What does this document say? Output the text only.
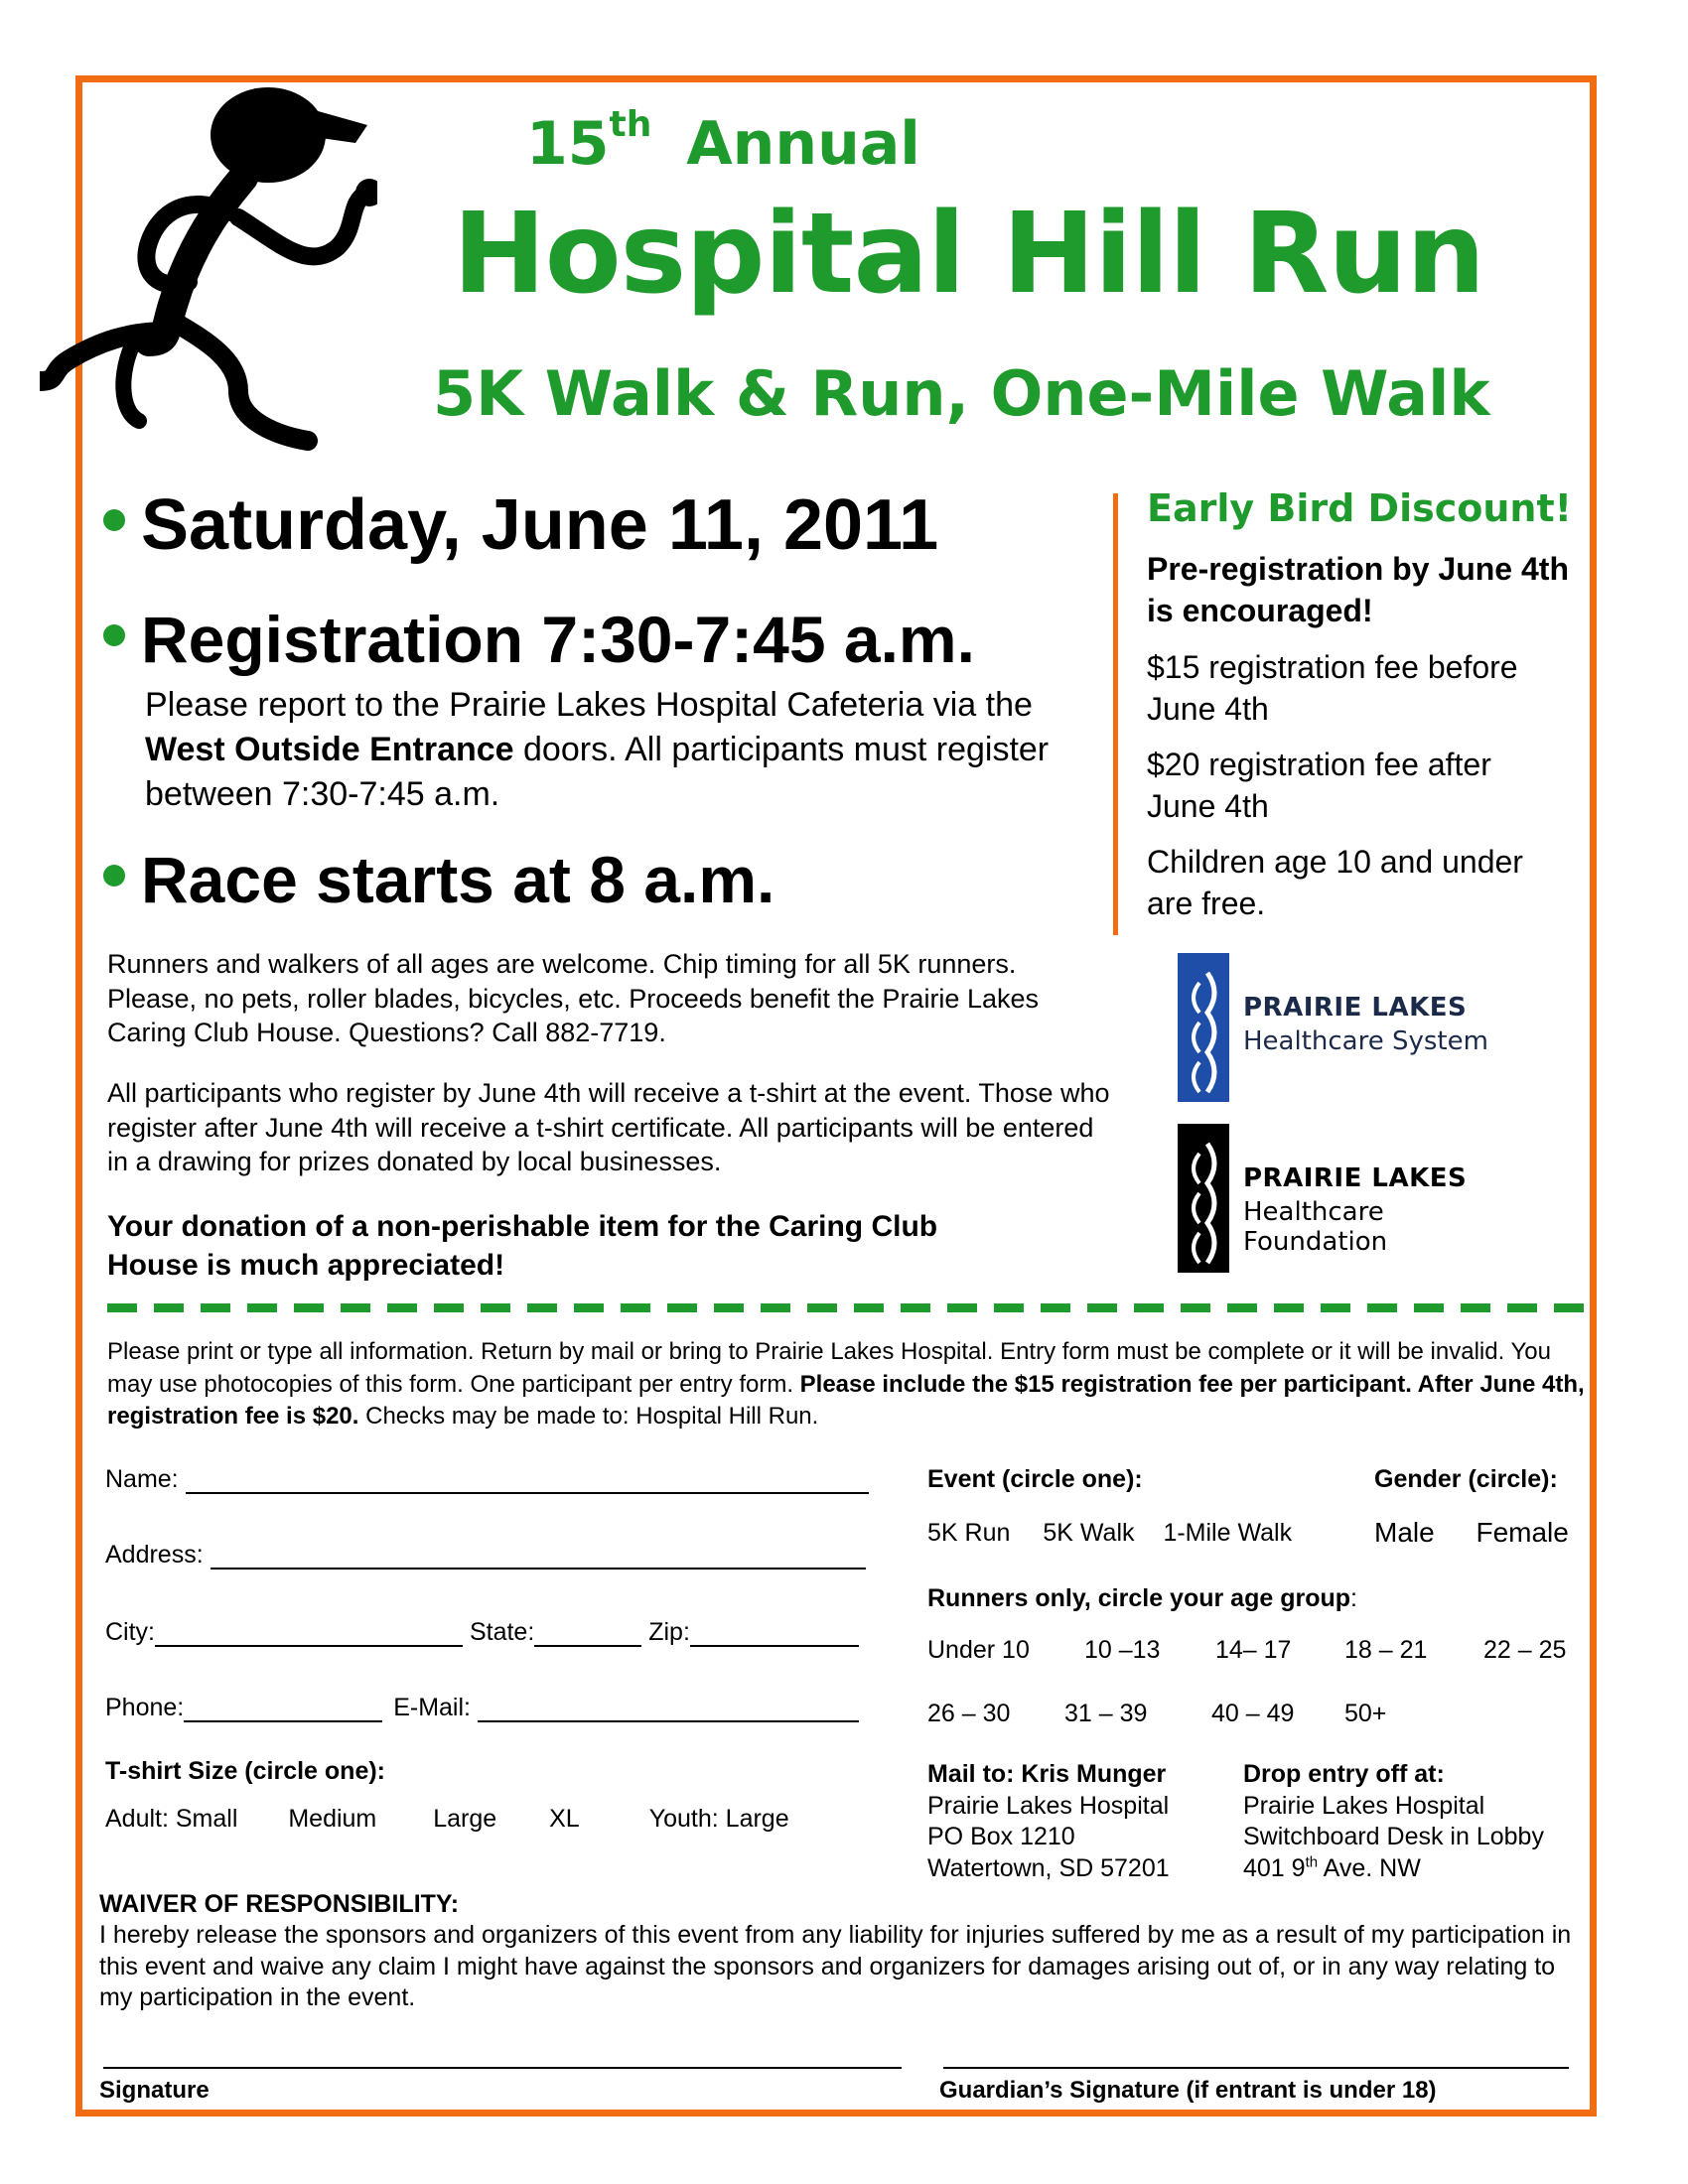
15th Annual
Hospital Hill Run
5K Walk & Run, One-Mile Walk
Saturday, June 11, 2011
Registration 7:30-7:45 a.m.
Please report to the Prairie Lakes Hospital Cafeteria via the West Outside Entrance doors. All participants must register between 7:30-7:45 a.m.
Race starts at 8 a.m.

Runners and walkers of all ages are welcome. Chip timing for all 5K runners. Please, no pets, roller blades, bicycles, etc. Proceeds benefit the Prairie Lakes Caring Club House. Questions? Call 882-7719.

All participants who register by June 4th will receive a t-shirt at the event. Those who register after June 4th will receive a t-shirt certificate. All participants will be entered in a drawing for prizes donated by local businesses.

Your donation of a non-perishable item for the Caring Club House is much appreciated!

Early Bird Discount!

Pre-registration by June 4th is encouraged!

$15 registration fee before June 4th

$20 registration fee after June 4th

Children age 10 and under are free.

PRAIRIE LAKES
Healthcare System
PRAIRIE LAKES
Healthcare Foundation

Please print or type all information. Return by mail or bring to Prairie Lakes Hospital. Entry form must be complete or it will be invalid. You may use photocopies of this form. One participant per entry form. Please include the $15 registration fee per participant. After June 4th, registration fee is $20. Checks may be made to: Hospital Hill Run.

Name:
Address:
City:	State:	Zip:
Phone:	E-Mail:
T-shirt Size (circle one):
Adult: Small Medium Large XL	Youth: Large
Event (circle one):
5K Run 5K Walk 1-Mile Walk
Gender (circle):
Male Female
Runners only, circle your age group:
Under 10 10 –13 14– 17 18 – 21 22 – 25
26 – 30 31 – 39	40 – 49 50+
Mail to: Kris Munger
Prairie Lakes Hospital
PO Box 1210
Watertown, SD 57201
Drop entry off at:
Prairie Lakes Hospital
Switchboard Desk in Lobby
401 9th Ave. NW
WAIVER OF RESPONSIBILITY:

I hereby release the sponsors and organizers of this event from any liability for injuries suffered by me as a result of my participation in this event and waive any claim I might have against the sponsors and organizers for damages arising out of, or in any way relating to my participation in the event.

Signature	Guardian’s Signature (if entrant is under 18)
